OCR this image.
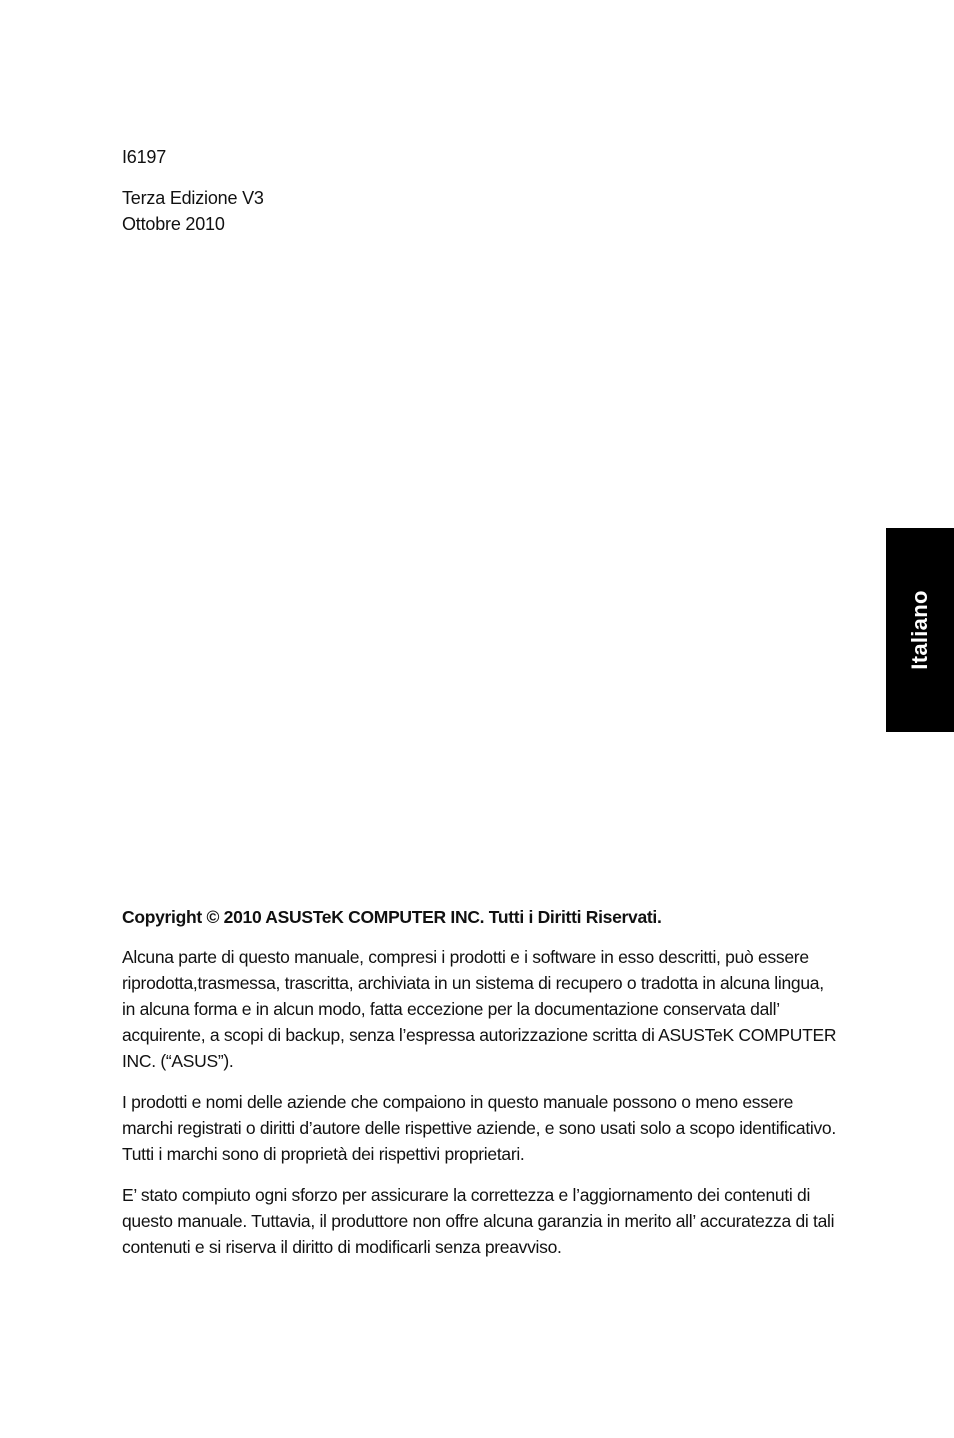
I6197

Terza Edizione V3
Ottobre 2010

Italiano

Copyright © 2010 ASUSTeK COMPUTER INC. Tutti i Diritti Riservati.

Alcuna parte di questo manuale, compresi i prodotti e i software in esso descritti, può essere riprodotta,trasmessa, trascritta, archiviata in un sistema di recupero o tradotta in alcuna lingua, in alcuna forma e in alcun modo, fatta eccezione per la documentazione conservata dall’ acquirente, a scopi di backup, senza l’espressa autorizzazione scritta di ASUSTeK COMPUTER INC. (“ASUS”).

I prodotti e nomi delle aziende che compaiono in questo manuale possono o meno essere marchi registrati o diritti d’autore delle rispettive aziende, e sono usati solo a scopo identificativo. Tutti i marchi sono di proprietà dei rispettivi proprietari.

E’ stato compiuto ogni sforzo per assicurare la correttezza e l’aggiornamento dei contenuti di questo manuale. Tuttavia, il produttore non offre alcuna garanzia in merito all’ accuratezza di tali contenuti e si riserva il diritto di modificarli senza preavviso.
